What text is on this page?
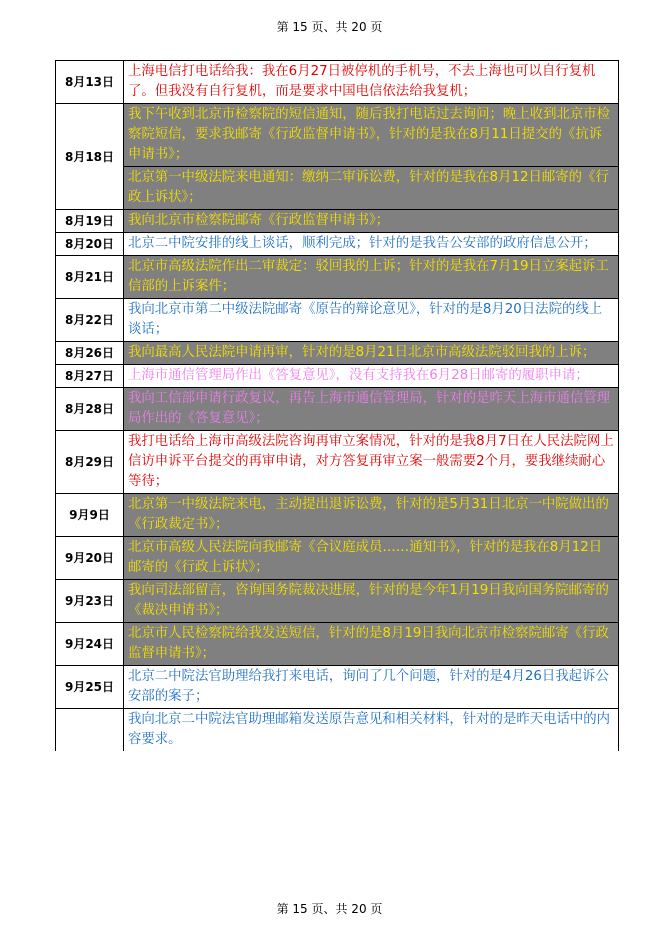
第 15 页、共 20 页
8月13日	上海电信打电话给我：我在6月27日被停机的手机号，不去上海也可以自行复机了。但我没有自行复机，而是要求中国电信依法给我复机；
8月18日	我下午收到北京市检察院的短信通知，随后我打电话过去询问；晚上收到北京市检察院短信，要求我邮寄《行政监督申请书》，针对的是我在8月11日提交的《抗诉申请书》；
	北京第一中级法院来电通知：缴纳二审诉讼费，针对的是我在8月12日邮寄的《行政上诉状》；
8月19日	我向北京市检察院邮寄《行政监督申请书》；
8月20日	北京二中院安排的线上谈话，顺利完成；针对的是我告公安部的政府信息公开；
8月21日	北京市高级法院作出二审裁定：驳回我的上诉；针对的是我在7月19日立案起诉工信部的上诉案件；
8月22日	我向北京市第二中级法院邮寄《原告的辩论意见》，针对的是8月20日法院的线上谈话；
8月26日	我向最高人民法院申请再审，针对的是8月21日北京市高级法院驳回我的上诉；
8月27日	上海市通信管理局作出《答复意见》，没有支持我在6月28日邮寄的履职申请；
8月28日	我向工信部申请行政复议，再告上海市通信管理局，针对的是昨天上海市通信管理局作出的《答复意见》；
8月29日	我打电话给上海市高级法院咨询再审立案情况，针对的是我8月7日在人民法院网上信访申诉平台提交的再审申请，对方答复再审立案一般需要2个月，要我继续耐心等待；
9月9日	北京第一中级法院来电，主动提出退诉讼费，针对的是5月31日北京一中院做出的《行政裁定书》；
9月20日	北京市高级人民法院向我邮寄《合议庭成员……通知书》，针对的是我在8月12日邮寄的《行政上诉状》；
9月23日	我向司法部留言，咨询国务院裁决进展，针对的是今年1月19日我向国务院邮寄的《裁决申请书》；
9月24日	北京市人民检察院给我发送短信，针对的是8月19日我向北京市检察院邮寄《行政监督申请书》；
9月25日	北京二中院法官助理给我打来电话，询问了几个问题，针对的是4月26日我起诉公安部的案子；
	我向北京二中院法官助理邮箱发送原告意见和相关材料，针对的是昨天电话中的内容要求。
第 15 页、共 20 页
